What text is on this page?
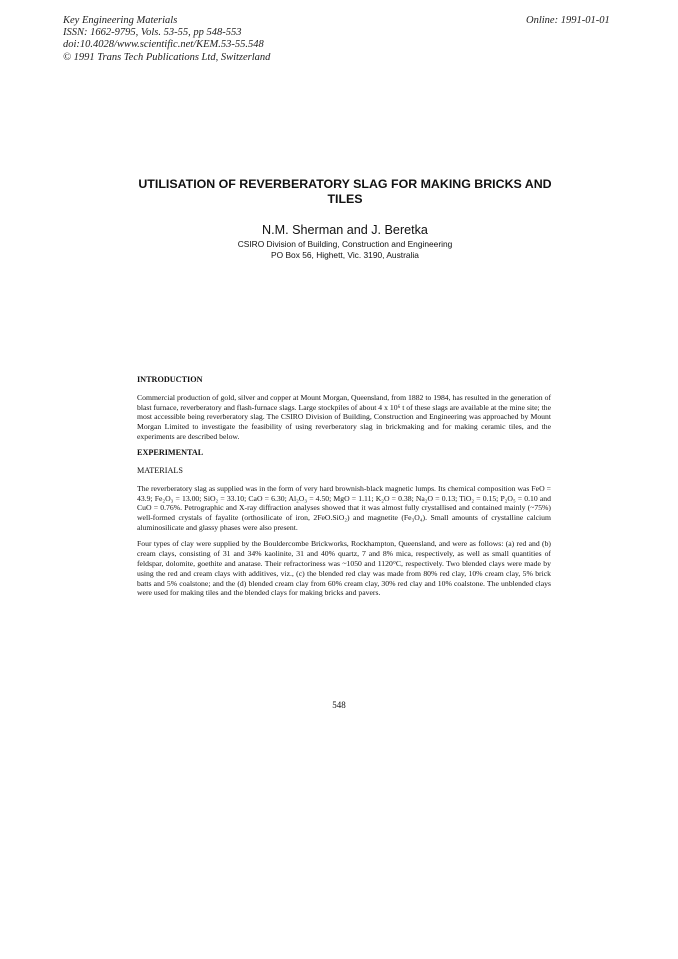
Key Engineering Materials
ISSN: 1662-9795, Vols. 53-55, pp 548-553
doi:10.4028/www.scientific.net/KEM.53-55.548
© 1991 Trans Tech Publications Ltd, Switzerland
Online: 1991-01-01
UTILISATION OF REVERBERATORY SLAG FOR MAKING BRICKS AND TILES
N.M. Sherman and J. Beretka
CSIRO Division of Building, Construction and Engineering
PO Box 56, Highett, Vic. 3190, Australia
INTRODUCTION

Commercial production of gold, silver and copper at Mount Morgan, Queensland, from 1882 to 1984, has resulted in the generation of blast furnace, reverberatory and flash-furnace slags. Large stockpiles of about 4 x 10⁶ t of these slags are available at the mine site; the most accessible being reverberatory slag. The CSIRO Division of Building, Construction and Engineering was approached by Mount Morgan Limited to investigate the feasibility of using reverberatory slag in brickmaking and for making ceramic tiles, and the experiments are described below.

EXPERIMENTAL
MATERIALS

The reverberatory slag as supplied was in the form of very hard brownish-black magnetic lumps. Its chemical composition was FeO = 43.9; Fe₂O₃ = 13.00; SiO₂ = 33.10; CaO = 6.30; Al₂O₃ = 4.50; MgO = 1.11; K₂O = 0.38; Na₂O = 0.13; TiO₂ = 0.15; P₂O₅ = 0.10 and CuO = 0.76%. Petrographic and X-ray diffraction analyses showed that it was almost fully crystallised and contained mainly (~75%) well-formed crystals of fayalite (orthosilicate of iron, 2FeO.SiO₂) and magnetite (Fe₃O₄). Small amounts of crystalline calcium aluminosilicate and glassy phases were also present.

Four types of clay were supplied by the Bouldercombe Brickworks, Rockhampton, Queensland, and were as follows: (a) red and (b) cream clays, consisting of 31 and 34% kaolinite, 31 and 40% quartz, 7 and 8% mica, respectively, as well as small quantities of feldspar, dolomite, goethite and anatase. Their refractoriness was ~1050 and 1120°C, respectively. Two blended clays were made by using the red and cream clays with additives, viz., (c) the blended red clay was made from 80% red clay, 10% cream clay, 5% brick batts and 5% coalstone; and the (d) blended cream clay from 60% cream clay, 30% red clay and 10% coalstone. The unblended clays were used for making tiles and the blended clays for making bricks and pavers.

548
